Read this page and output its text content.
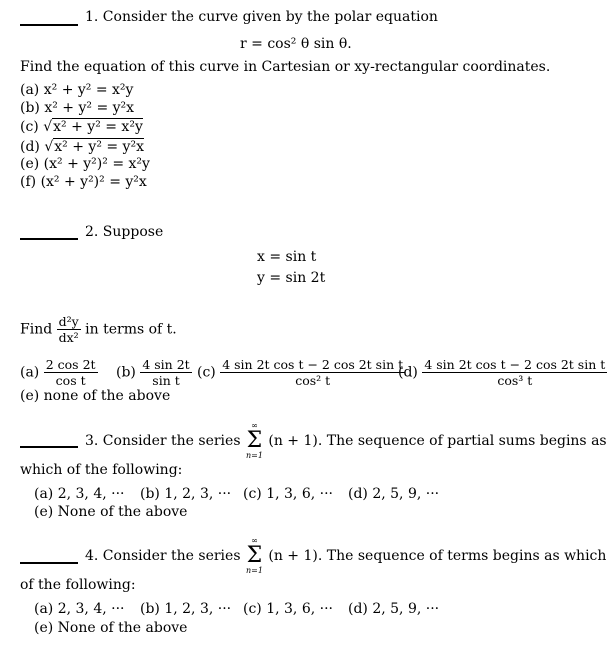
1. Consider the curve given by the polar equation
r = cos² θ sin θ.
Find the equation of this curve in Cartesian or xy-rectangular coordinates.
(a) x² + y² = x²y
(b) x² + y² = y²x
(c) √x² + y² = x²y
(d) √x² + y² = y²x
(e) (x² + y²)² = x²y
(f) (x² + y²)² = y²x
2. Suppose
x = sin t
y = sin 2t
Find $\frac{\text{d²y}}{\text{dx²}}$ in terms of t.
$(a) \frac{2 \cos 2t}{\text{cos t}} (b) \frac{4 \sin 2t}{\text{sin t}} (c) \frac{\text{4 sin 2t cos t − 2 cos 2t sin t}}{\text{cos² t}}$
$(d) \frac{\text{4 sin 2t cos t − 2 cos 2t sin t}}{\text{cos³ t}}$
(e) none of the above
3. Consider the series
∞
Σ
n=1
(n + 1). The sequence of partial sums begins as
which of the following:
(a) 2, 3, 4, ··· (b) 1, 2, 3, ··· (c) 1, 3, 6, ··· (d) 2, 5, 9, ···
(e) None of the above
4. Consider the series
∞
Σ
n=1
(n + 1). The sequence of terms begins as which
of the following:
(a) 2, 3, 4, ··· (b) 1, 2, 3, ··· (c) 1, 3, 6, ··· (d) 2, 5, 9, ···
(e) None of the above
